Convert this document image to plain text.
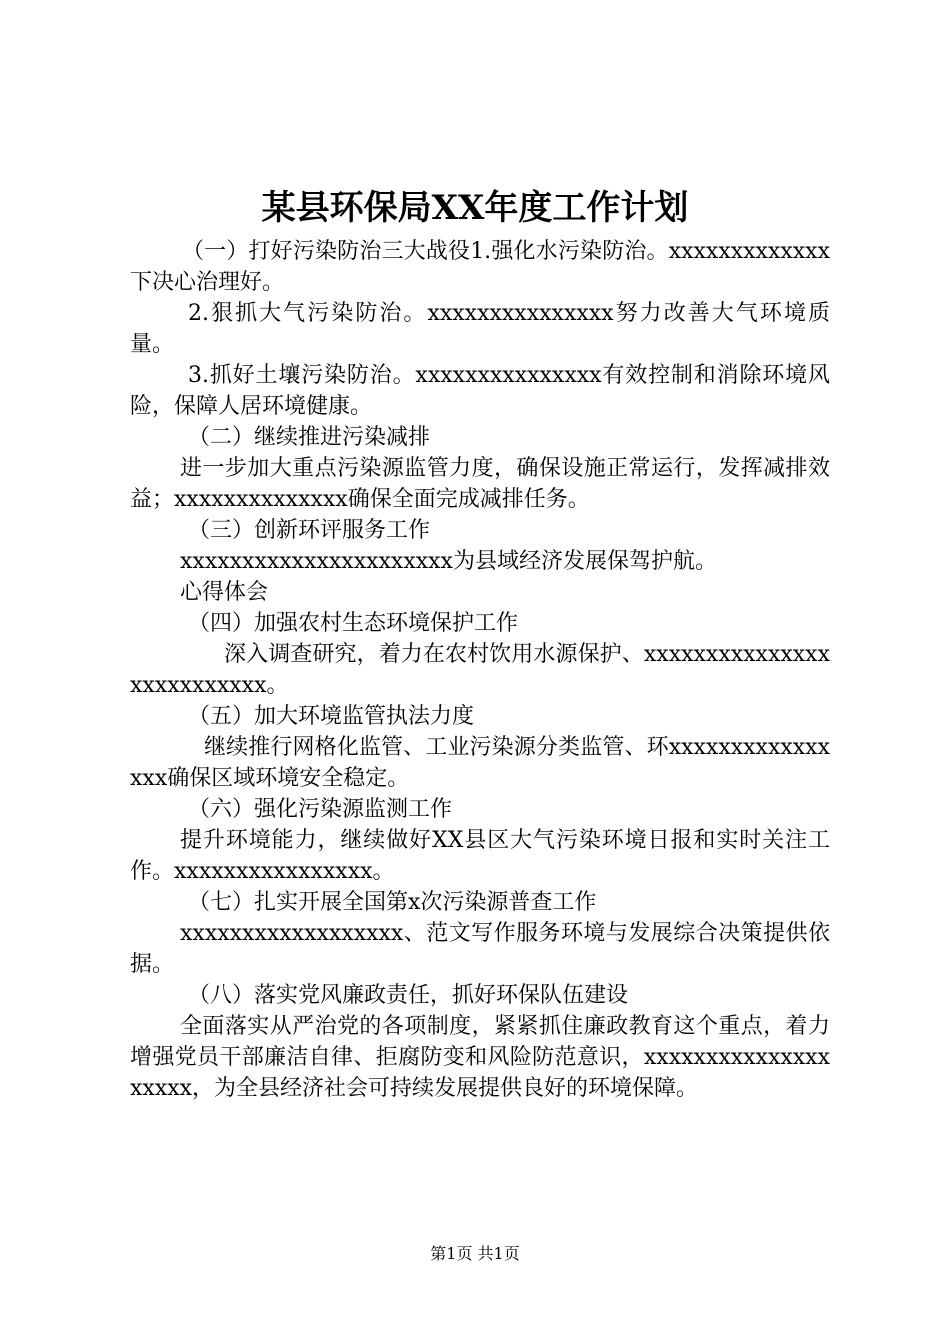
某县环保局XX年度工作计划

（一）打好污染防治三大战役1.强化水污染防治。xxxxxxxxxxxxx下决心治理好。

2.狠抓大气污染防治。xxxxxxxxxxxxxxx努力改善大气环境质量。

3.抓好土壤污染防治。xxxxxxxxxxxxxxx有效控制和消除环境风险，保障人居环境健康。

（二）继续推进污染减排

进一步加大重点污染源监管力度，确保设施正常运行，发挥减排效益；xxxxxxxxxxxxxx确保全面完成减排任务。

（三）创新环评服务工作

xxxxxxxxxxxxxxxxxxxxxx为县域经济发展保驾护航。

心得体会

（四）加强农村生态环境保护工作

深入调查研究，着力在农村饮用水源保护、xxxxxxxxxxxxxxxxxxxxxxxxxx。

（五）加大环境监管执法力度

继续推行网格化监管、工业污染源分类监管、环xxxxxxxxxxxxxxxx确保区域环境安全稳定。

（六）强化污染源监测工作

提升环境能力，继续做好XX县区大气污染环境日报和实时关注工作。xxxxxxxxxxxxxxxx。

（七）扎实开展全国第x次污染源普查工作

xxxxxxxxxxxxxxxxxx、范文写作服务环境与发展综合决策提供依据。

（八）落实党风廉政责任，抓好环保队伍建设

全面落实从严治党的各项制度，紧紧抓住廉政教育这个重点，着力增强党员干部廉洁自律、拒腐防变和风险防范意识，xxxxxxxxxxxxxxxxxxxx，为全县经济社会可持续发展提供良好的环境保障。

第1页 共1页
